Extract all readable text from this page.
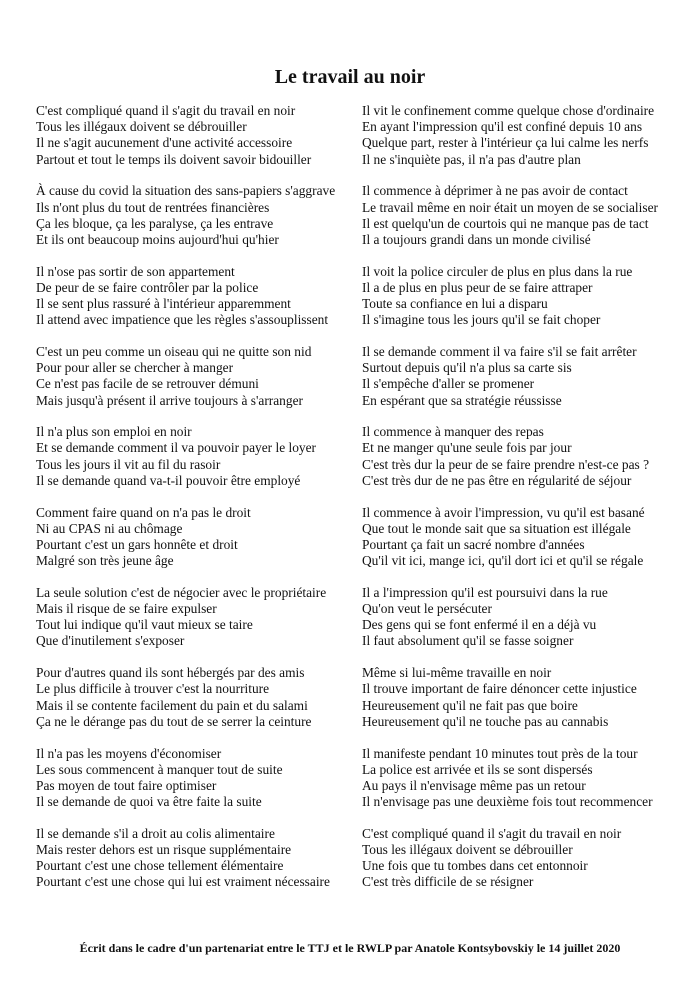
Le travail au noir
C'est compliqué quand il s'agit du travail en noir
Tous les illégaux doivent se débrouiller
Il ne s'agit aucunement d'une activité accessoire
Partout et tout le temps ils doivent savoir bidouiller
À cause du covid la situation des sans-papiers s'aggrave
Ils n'ont plus du tout de rentrées financières
Ça les bloque, ça les paralyse, ça les entrave
Et ils ont beaucoup moins aujourd'hui qu'hier
Il n'ose pas sortir de son appartement
De peur de se faire contrôler par la police
Il se sent plus rassuré à l'intérieur apparemment
Il attend avec impatience que les règles s'assouplissent
C'est un peu comme un oiseau qui ne quitte son nid
Pour pour aller se chercher à manger
Ce n'est pas facile de se retrouver démuni
Mais jusqu'à présent il arrive toujours à s'arranger
Il n'a plus son emploi en noir
Et se demande comment il va pouvoir payer le loyer
Tous les jours il vit au fil du rasoir
Il se demande quand va-t-il pouvoir être employé
Comment faire quand on n'a pas le droit
Ni au CPAS ni au chômage
Pourtant c'est un gars honnête et droit
Malgré son très jeune âge
La seule solution c'est de négocier avec le propriétaire
Mais il risque de se faire expulser
Tout lui indique qu'il vaut mieux se taire
Que d'inutilement s'exposer
Pour d'autres quand ils sont hébergés par des amis
Le plus difficile à trouver c'est la nourriture
Mais il se contente facilement du pain et du salami
Ça ne le dérange pas du tout de se serrer la ceinture
Il n'a pas les moyens d'économiser
Les sous commencent à manquer tout de suite
Pas moyen de tout faire optimiser
Il se demande de quoi va être faite la suite
Il se demande s'il a droit au colis alimentaire
Mais rester dehors est un risque supplémentaire
Pourtant c'est une chose tellement élémentaire
Pourtant c'est une chose qui lui est vraiment nécessaire
Il vit le confinement comme quelque chose d'ordinaire
En ayant l'impression qu'il est confiné depuis 10 ans
Quelque part, rester à l'intérieur ça lui calme les nerfs
Il ne s'inquiète pas, il n'a pas d'autre plan
Il commence à déprimer à ne pas avoir de contact
Le travail même en noir était un moyen de se socialiser
Il est quelqu'un de courtois qui ne manque pas de tact
Il a toujours grandi dans un monde civilisé
Il voit la police circuler de plus en plus dans la rue
Il a de plus en plus peur de se faire attraper
Toute sa confiance en lui a disparu
Il s'imagine tous les jours qu'il se fait choper
Il se demande comment il va faire s'il se fait arrêter
Surtout depuis qu'il n'a plus sa carte sis
Il s'empêche d'aller se promener
En espérant que sa stratégie réussisse
Il commence à manquer des repas
Et ne manger qu'une seule fois par jour
C'est très dur la peur de se faire prendre n'est-ce pas ?
C'est très dur de ne pas être en régularité de séjour
Il commence à avoir l'impression, vu qu'il est basané
Que tout le monde sait que sa situation est illégale
Pourtant ça fait un sacré nombre d'années
Qu'il vit ici, mange ici, qu'il dort ici et qu'il se régale
Il a l'impression qu'il est poursuivi dans la rue
Qu'on veut le persécuter
Des gens qui se font enfermé il en a déjà vu
Il faut absolument qu'il se fasse soigner
Même si lui-même travaille en noir
Il trouve important de faire dénoncer cette injustice
Heureusement qu'il ne fait pas que boire
Heureusement qu'il ne touche pas au cannabis
Il manifeste pendant 10 minutes tout près de la tour
La police est arrivée et ils se sont dispersés
Au pays il n'envisage même pas un retour
Il n'envisage pas une deuxième fois tout recommencer
C'est compliqué quand il s'agit du travail en noir
Tous les illégaux doivent se débrouiller
Une fois que tu tombes dans cet entonnoir
C'est très difficile de se résigner

Écrit dans le cadre d'un partenariat entre le TTJ et le RWLP par Anatole Kontsybovskiy le 14 juillet 2020
